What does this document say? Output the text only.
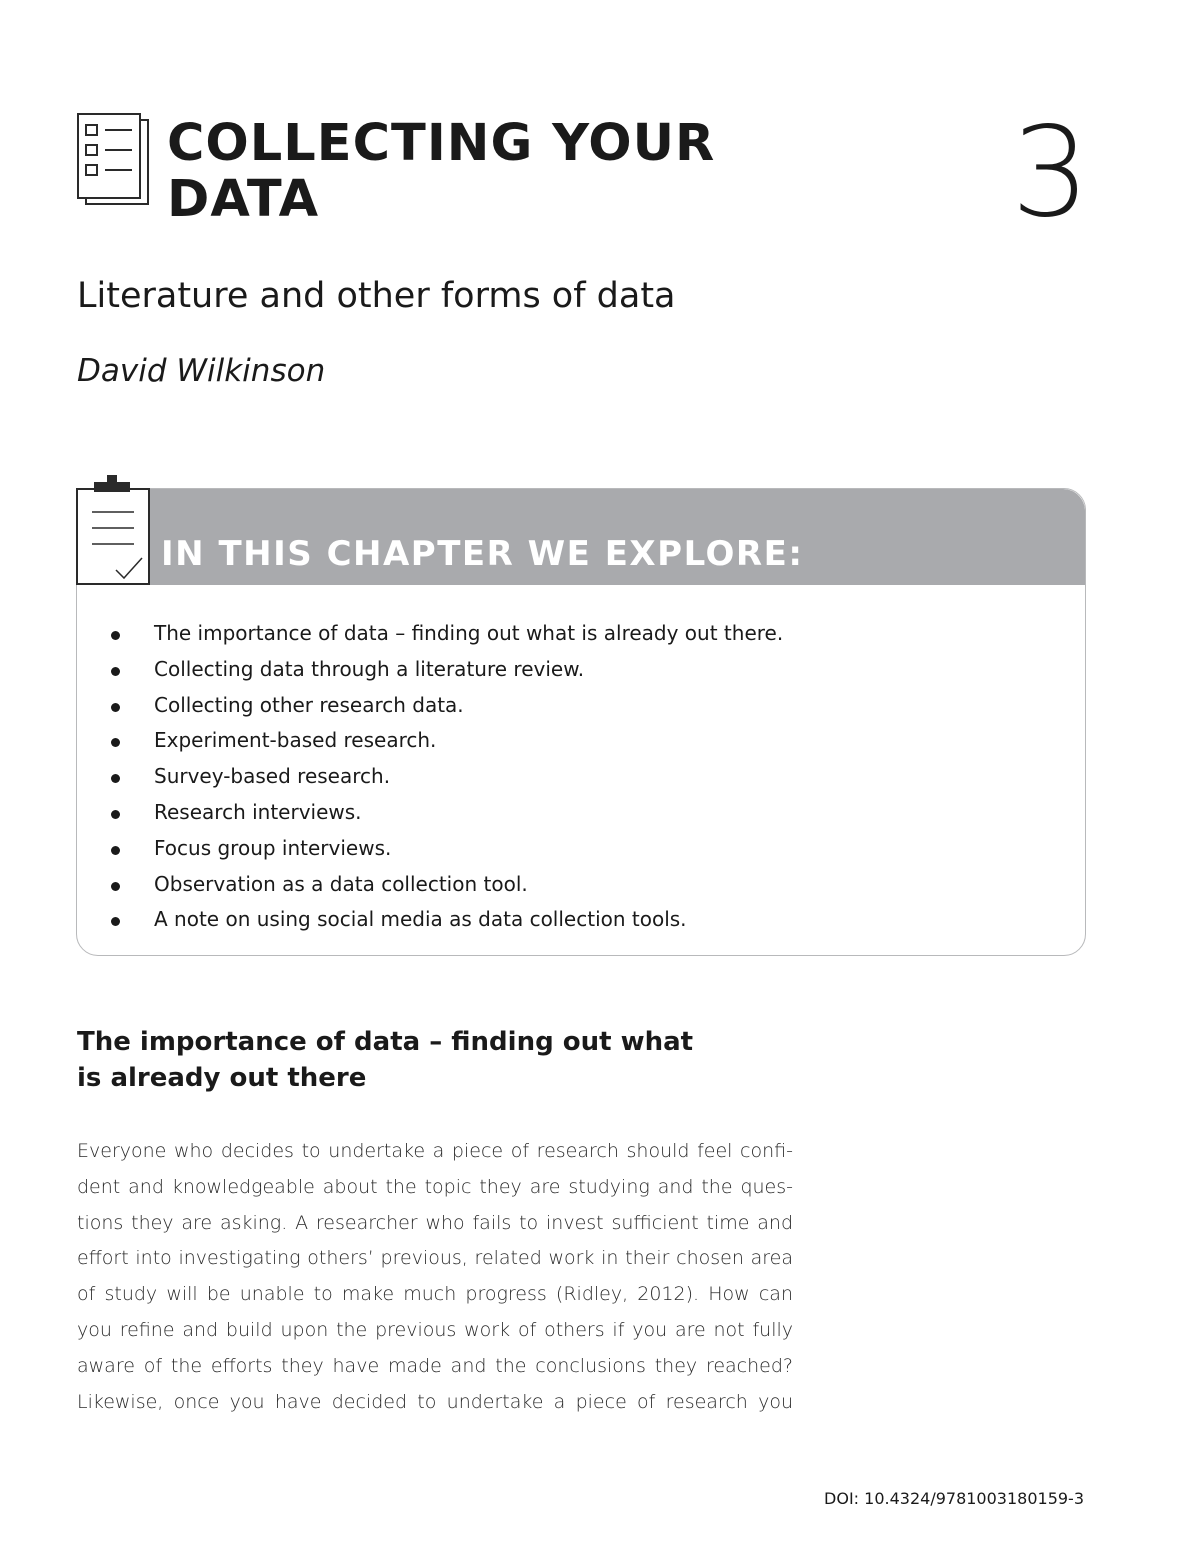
COLLECTING YOUR
DATA	3
Literature and other forms of data
David Wilkinson
IN THIS CHAPTER WE EXPLORE:
The importance of data – finding out what is already out there.
Collecting data through a literature review.
Collecting other research data.
Experiment-based research.
Survey-based research.
Research interviews.
Focus group interviews.
Observation as a data collection tool.
A note on using social media as data collection tools.
The importance of data – finding out what
is already out there
Everyone who decides to undertake a piece of research should feel confi-
dent and knowledgeable about the topic they are studying and the ques-
tions they are asking. A researcher who fails to invest sufficient time and
effort into investigating others’ previous, related work in their chosen area
of study will be unable to make much progress (Ridley, 2012). How can
you refine and build upon the previous work of others if you are not fully
aware of the efforts they have made and the conclusions they reached?
Likewise, once you have decided to undertake a piece of research you
DOI: 10.4324/9781003180159-3
